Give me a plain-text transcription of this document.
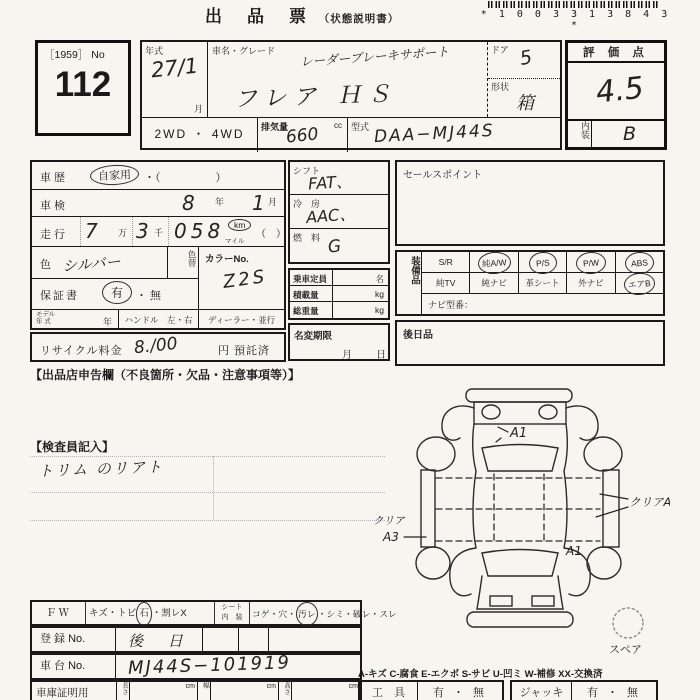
出　品　票 （状態説明書）	* 1 0 0 3 3 1 3 8 4 3 *
［1959］ No
112
年式
27/1
月
車名・グレード レーダーブレーキサポート
フレア ＨＳ
ドア 5
形状
箱
2WD ・ 4WD	排気量	cc
660	型式 DAA−MJ44S
評 価 点
4.5
内装 B
車歴	自家用	・（　　　　　）
車検	8 年 1 月
走行 7 万 3 千 058	km
マイル
（　）
色 シルバー	色替 カラーNo.
Z2S
保証書	有	・ 無
モデル
年 式	年	ハンドル　左・右	ディーラー・並行
リサイクル料金 8./00	円 預託済
【出品店申告欄（不良箇所・欠品・注意事項等）】
シフト
FAT、
冷　房
AAC、
燃　料 G
乗車定員	名
積載量	kg
総重量	kg
名変期限
月 日
セールスポイント
装備品	S/R	純A/W	P/S	P/W	ABS
純TV	純ナビ	革シート	外ナビ	エアB
ナビ型番：
後日品
【検査員記入】
トリム のリアト
A1
クリアA
クリア
A3
A1
スペア
ＦＷ	キズ・トビ 石 ・割レX
シート
内　装	コゲ・穴・ 汚レ ・シミ・破レ・スレ
登 録 No.	後 日
車 台 No.	MJ44S−101919
車庫証明用	長さ	cm	幅	cm	高さ	cm
A-キズ C-腐食 E-エクボ S-サビ U-凹ミ W-補修 XX-交換済
工　具	有 ・ 無	ジャッキ	有 ・ 無
